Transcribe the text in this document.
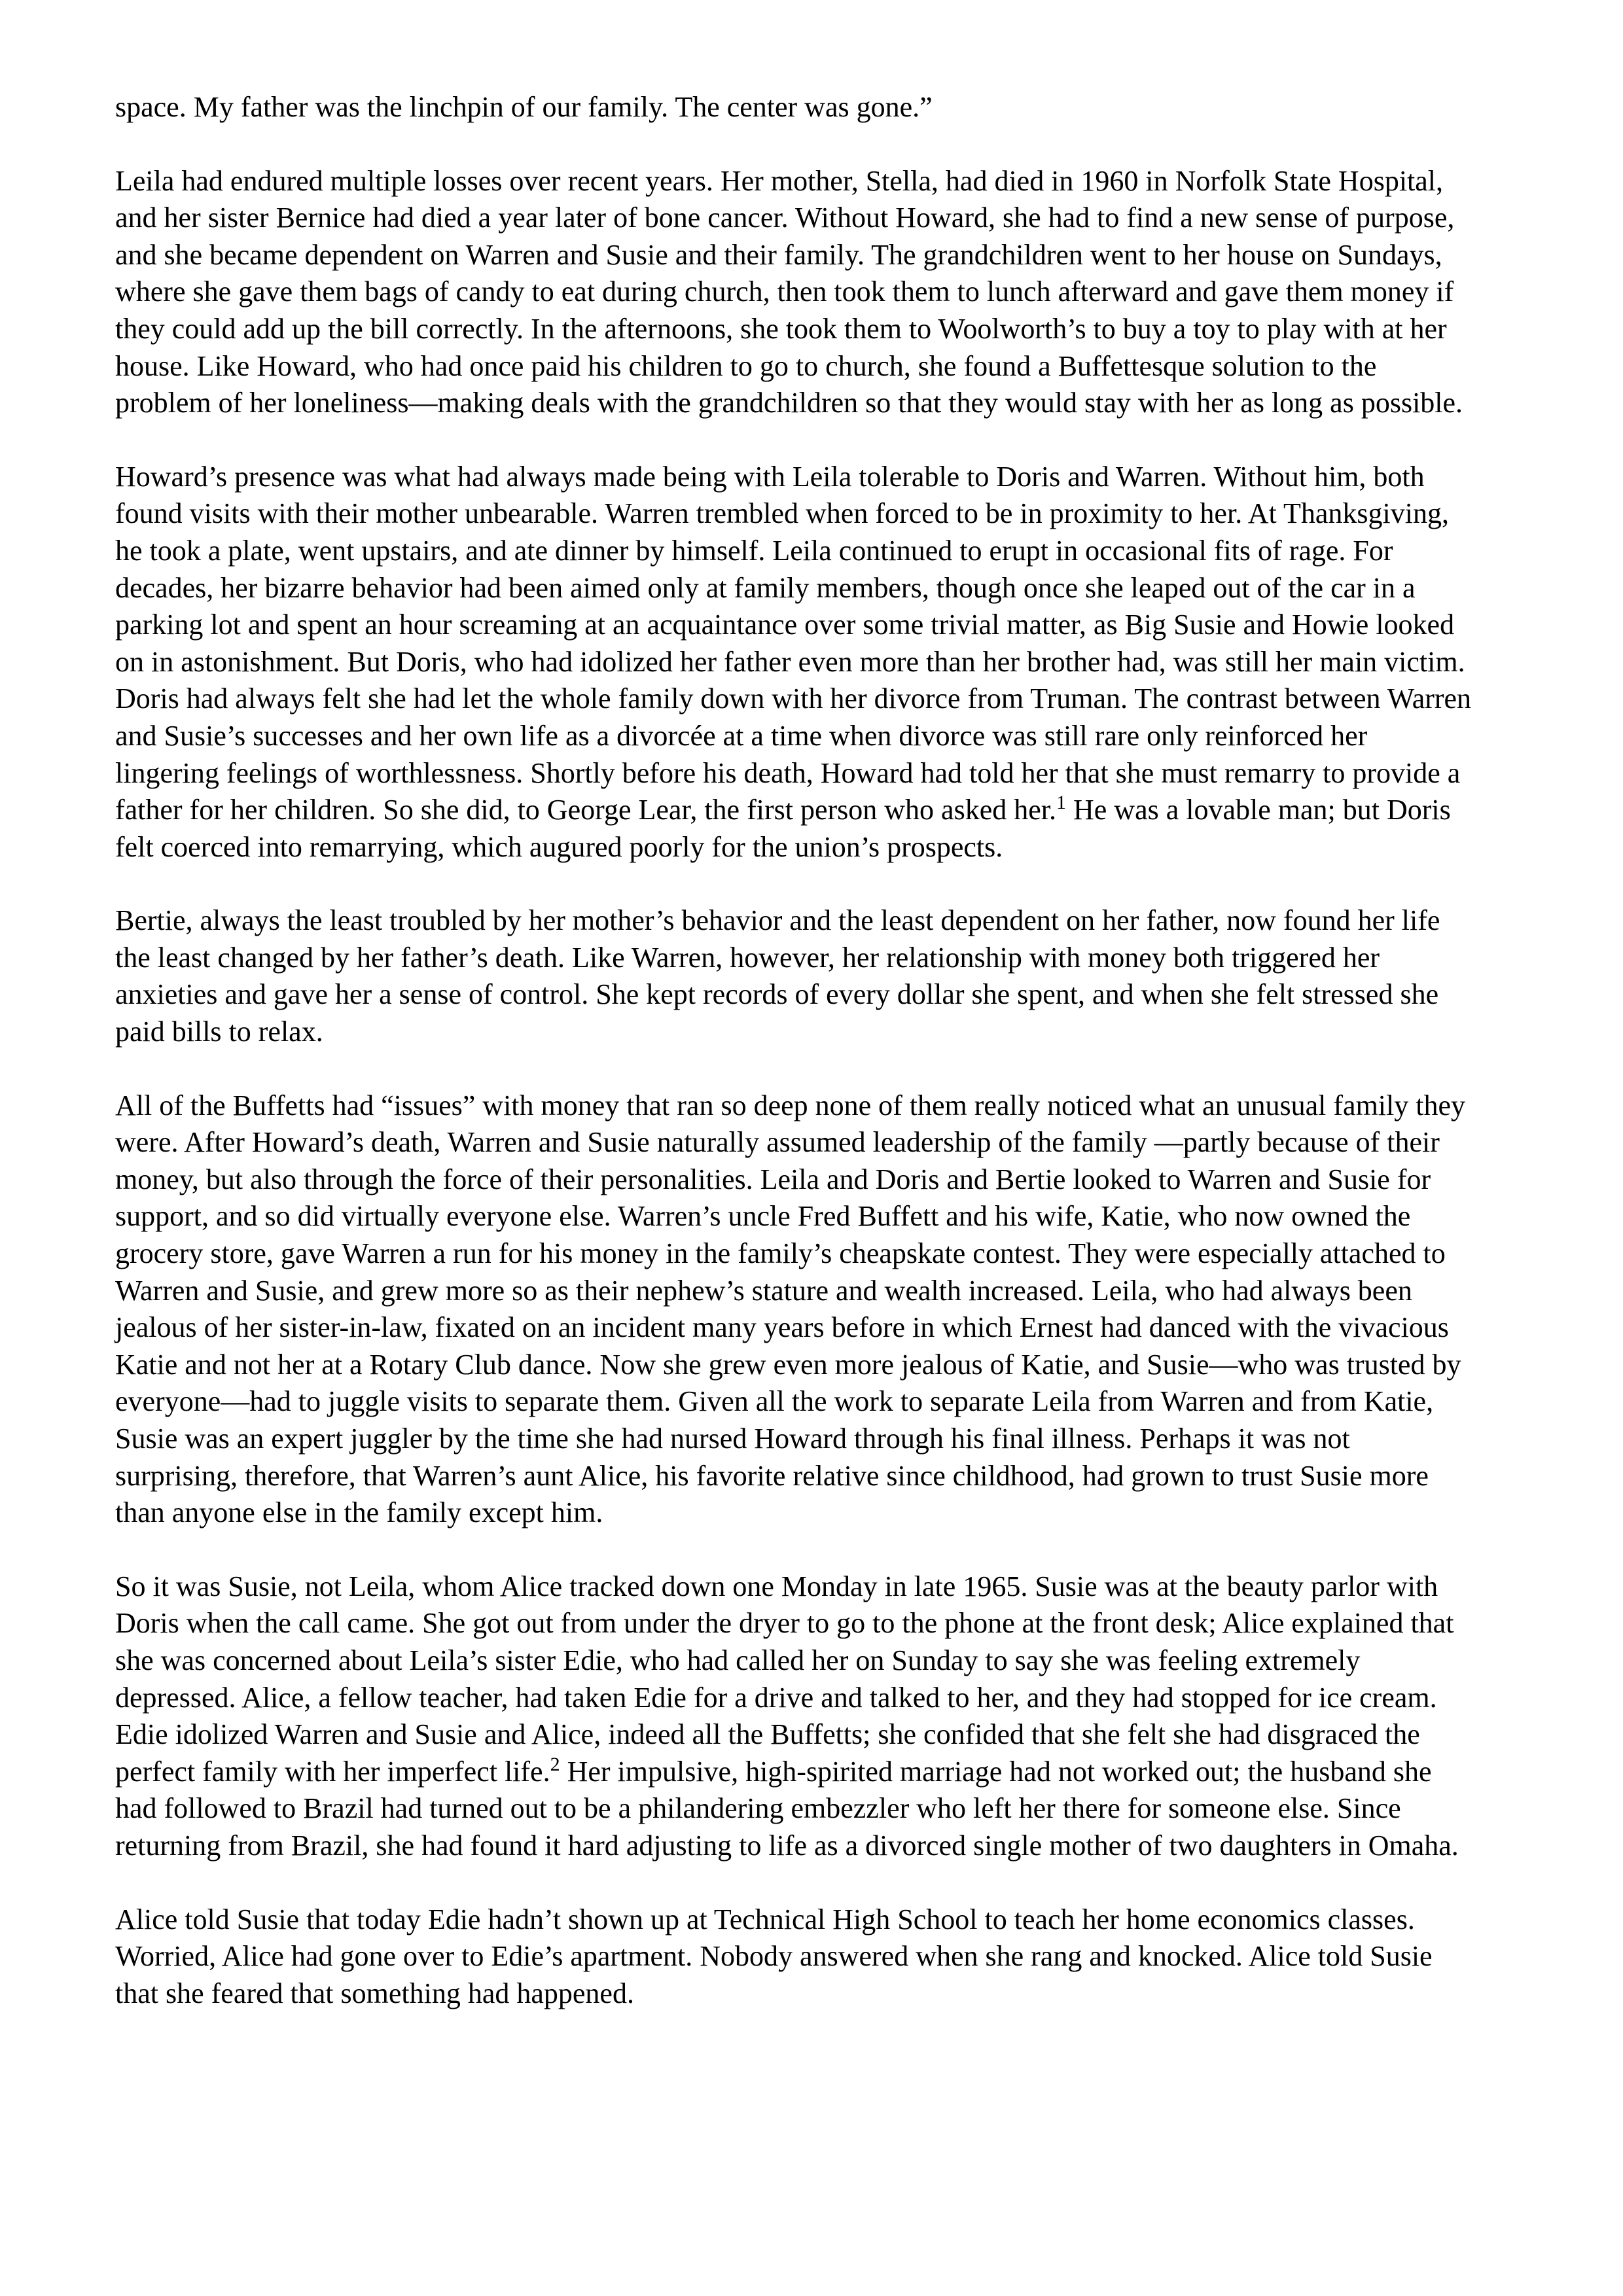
space. My father was the linchpin of our family. The center was gone.”

Leila had endured multiple losses over recent years. Her mother, Stella, had died in 1960 in Norfolk State Hospital, and her sister Bernice had died a year later of bone cancer. Without Howard, she had to find a new sense of purpose, and she became dependent on Warren and Susie and their family. The grandchildren went to her house on Sundays, where she gave them bags of candy to eat during church, then took them to lunch afterward and gave them money if they could add up the bill correctly. In the afternoons, she took them to Woolworth’s to buy a toy to play with at her house. Like Howard, who had once paid his children to go to church, she found a Buffettesque solution to the problem of her loneliness—making deals with the grandchildren so that they would stay with her as long as possible.

Howard’s presence was what had always made being with Leila tolerable to Doris and Warren. Without him, both found visits with their mother unbearable. Warren trembled when forced to be in proximity to her. At Thanksgiving, he took a plate, went upstairs, and ate dinner by himself. Leila continued to erupt in occasional fits of rage. For decades, her bizarre behavior had been aimed only at family members, though once she leaped out of the car in a parking lot and spent an hour screaming at an acquaintance over some trivial matter, as Big Susie and Howie looked on in astonishment. But Doris, who had idolized her father even more than her brother had, was still her main victim. Doris had always felt she had let the whole family down with her divorce from Truman. The contrast between Warren and Susie’s successes and her own life as a divorcée at a time when divorce was still rare only reinforced her lingering feelings of worthlessness. Shortly before his death, Howard had told her that she must remarry to provide a father for her children. So she did, to George Lear, the first person who asked her.$^1$ He was a lovable man; but Doris felt coerced into remarrying, which augured poorly for the union’s prospects.

Bertie, always the least troubled by her mother’s behavior and the least dependent on her father, now found her life the least changed by her father’s death. Like Warren, however, her relationship with money both triggered her anxieties and gave her a sense of control. She kept records of every dollar she spent, and when she felt stressed she paid bills to relax.

All of the Buffetts had “issues” with money that ran so deep none of them really noticed what an unusual family they were. After Howard’s death, Warren and Susie naturally assumed leadership of the family —partly because of their money, but also through the force of their personalities. Leila and Doris and Bertie looked to Warren and Susie for support, and so did virtually everyone else. Warren’s uncle Fred Buffett and his wife, Katie, who now owned the grocery store, gave Warren a run for his money in the family’s cheapskate contest. They were especially attached to Warren and Susie, and grew more so as their nephew’s stature and wealth increased. Leila, who had always been jealous of her sister-in-law, fixated on an incident many years before in which Ernest had danced with the vivacious Katie and not her at a Rotary Club dance. Now she grew even more jealous of Katie, and Susie—who was trusted by everyone—had to juggle visits to separate them. Given all the work to separate Leila from Warren and from Katie, Susie was an expert juggler by the time she had nursed Howard through his final illness. Perhaps it was not surprising, therefore, that Warren’s aunt Alice, his favorite relative since childhood, had grown to trust Susie more than anyone else in the family except him.

So it was Susie, not Leila, whom Alice tracked down one Monday in late 1965. Susie was at the beauty parlor with Doris when the call came. She got out from under the dryer to go to the phone at the front desk; Alice explained that she was concerned about Leila’s sister Edie, who had called her on Sunday to say she was feeling extremely depressed. Alice, a fellow teacher, had taken Edie for a drive and talked to her, and they had stopped for ice cream. Edie idolized Warren and Susie and Alice, indeed all the Buffetts; she confided that she felt she had disgraced the perfect family with her imperfect life.$^2$ Her impulsive, high-spirited marriage had not worked out; the husband she had followed to Brazil had turned out to be a philandering embezzler who left her there for someone else. Since returning from Brazil, she had found it hard adjusting to life as a divorced single mother of two daughters in Omaha.

Alice told Susie that today Edie hadn’t shown up at Technical High School to teach her home economics classes. Worried, Alice had gone over to Edie’s apartment. Nobody answered when she rang and knocked. Alice told Susie that she feared that something had happened.
